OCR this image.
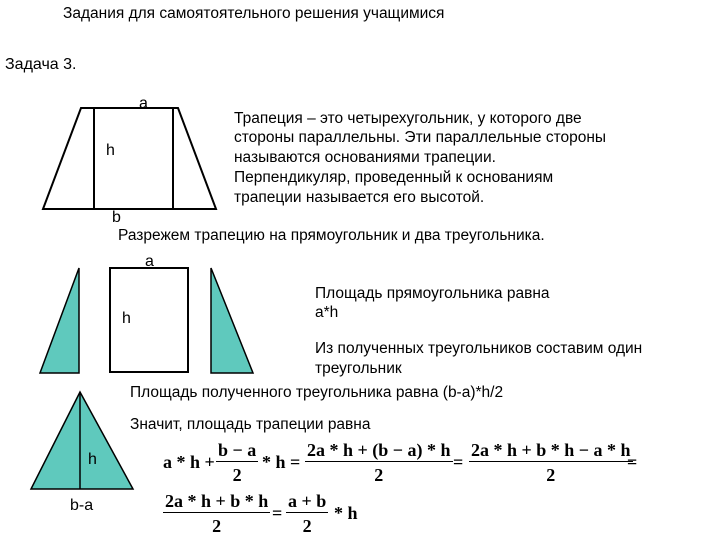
Задания для самоятоятельного решения учащимися
Задача 3.
a
h
b
Трапеция – это четырехугольник, у которого две
стороны параллельны. Эти параллельные стороны
называются основаниями трапеции.
Перпендикуляр, проведенный к основаниям
трапеции называется его высотой.
Разрежем трапецию на прямоугольник и два треугольника.
a
h
Площадь прямоугольника равна
a*h
Из полученных треугольников составим один
треугольник
Площадь полученного треугольника равна (b-a)*h/2
Значит, площадь трапеции равна
h
b-a
$a * h + \frac{b - a}{2} * h = \frac{2a * h + (b - a) * h}{2} = \frac{2a * h + b * h - a * h}{2}$
=
$\frac{2a * h + b * h}{2} = \frac{a + b}{2} * h$
